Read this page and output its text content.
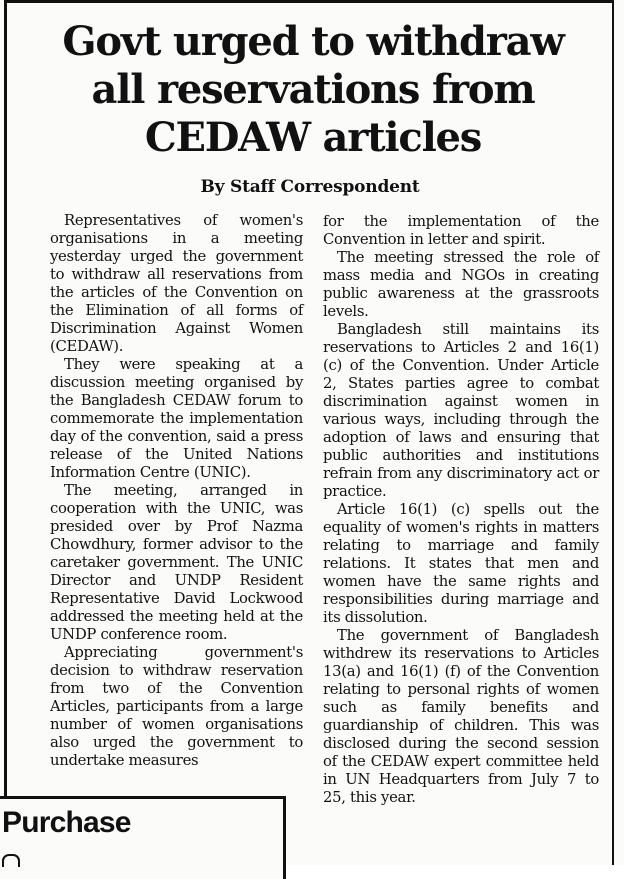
Govt urged to withdraw
all reservations from
CEDAW articles
By Staff Correspondent

Representatives of women's organisations in a meeting yesterday urged the government to withdraw all reservations from the articles of the Convention on the Elimination of all forms of Discrimination Against Women (CEDAW).

They were speaking at a discussion meeting organised by the Bangladesh CEDAW forum to commemorate the implementation day of the convention, said a press release of the United Nations Information Centre (UNIC).

The meeting, arranged in cooperation with the UNIC, was presided over by Prof Nazma Chowdhury, former advisor to the caretaker government. The UNIC Director and UNDP Resident Representative David Lockwood addressed the meeting held at the UNDP conference room.

Appreciating government's decision to withdraw reservation from two of the Convention Articles, participants from a large number of women organisations also urged the government to undertake measures

for the implementation of the Convention in letter and spirit.

The meeting stressed the role of mass media and NGOs in creating public awareness at the grassroots levels.

Bangladesh still maintains its reservations to Articles 2 and 16(1) (c) of the Convention. Under Article 2, States parties agree to combat discrimination against women in various ways, including through the adoption of laws and ensuring that public authorities and institutions refrain from any discriminatory act or practice.

Article 16(1) (c) spells out the equality of women's rights in matters relating to marriage and family relations. It states that men and women have the same rights and responsibilities during marriage and its dissolution.

The government of Bangladesh withdrew its reservations to Articles 13(a) and 16(1) (f) of the Convention relating to personal rights of women such as family benefits and guardianship of children. This was disclosed during the second session of the CEDAW expert committee held in UN Headquarters from July 7 to 25, this year.

Purchase
